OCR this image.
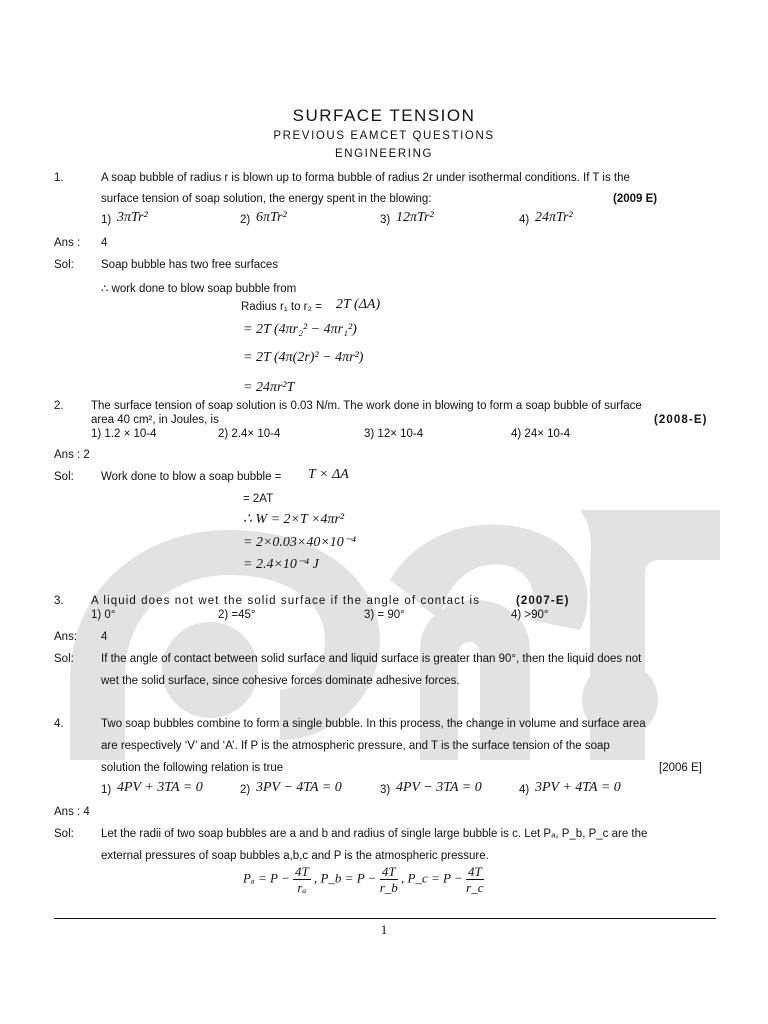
SURFACE TENSION
PREVIOUS EAMCET QUESTIONS
ENGINEERING
1.	A soap bubble of radius r is blown up to forma bubble of radius 2r under isothermal conditions. If T is the
surface tension of soap solution, the energy spent in the blowing:	(2009 E)
1) 3πTr²	2) 6πTr²	3) 12πTr²	4) 24πTr²
Ans : 4
Sol: Soap bubble has two free surfaces
∴ work done to blow soap bubble from
Radius r₁ to r₂ = 2T (ΔA)
= 2T (4πr₂² − 4πr₁²)
= 2T (4π(2r)² − 4πr²)
= 24πr²T
2. The surface tension of soap solution is 0.03 N/m. The work done in blowing to form a soap bubble of surface
area 40 cm², in Joules, is	(2008-E)
1) 1.2 × 10-4	2) 2.4× 10-4	3) 12× 10-4	4) 24× 10-4
Ans : 2
Sol: Work done to blow a soap bubble = T × ΔA
= 2AT
∴ W = 2×T ×4πr²
= 2×0.03×40×10⁻⁴
= 2.4×10⁻⁴ J
3. A liquid does not wet the solid surface if the angle of contact is	(2007-E)
1) 0°	2) =45°	3) = 90°	4) >90°
Ans: 4
Sol: If the angle of contact between solid surface and liquid surface is greater than 90°, then the liquid does not
wet the solid surface, since cohesive forces dominate adhesive forces.
4.	Two soap bubbles combine to form a single bubble. In this process, the change in volume and surface area
are respectively ‘V’ and ‘A’. If P is the atmospheric pressure, and T is the surface tension of the soap
solution the following relation is true	[2006 E]
1) 4PV + 3TA = 0	2) 3PV − 4TA = 0	3) 4PV − 3TA = 0	4) 3PV + 4TA = 0
Ans : 4
Sol: Let the radii of two soap bubbles are a and b and radius of single large bubble is c. Let Pₐ, P_b, P_c are the
external pressures of soap bubbles a,b,c and P is the atmospheric pressure.
$P_a = P - \frac{4T}{\text{rₐ}}$ , P_b = $P - \frac{4T}{r\_b}$ , P_c = $P - \frac{4T}{r\_c}$
1
